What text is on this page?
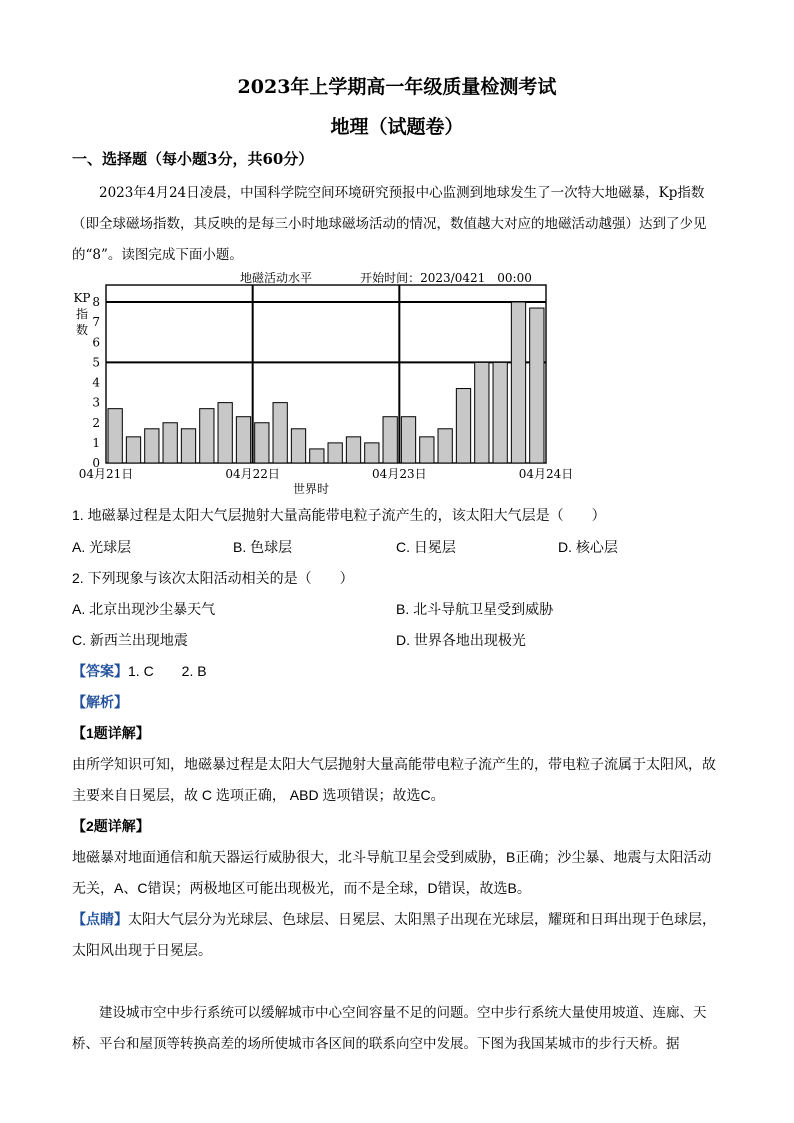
2023年上学期高一年级质量检测考试
地理（试题卷）
一、选择题（每小题3分，共60分）
2023年4月24日凌晨，中国科学院空间环境研究预报中心监测到地球发生了一次特大地磁暴，Kp指数（即全球磁场指数，其反映的是每三小时地球磁场活动的情况，数值越大对应的地磁活动越强）达到了少见的“8”。读图完成下面小题。
地磁活动水平	开始时间：2023/0421　00:00
KP
指
数
0
1
2
3
4
5
6
7
8
04月21日	04月22日	04月23日	04月24日
世界时
1. 地磁暴过程是太阳大气层抛射大量高能带电粒子流产生的，该太阳大气层是（　　）
A. 光球层	B. 色球层	C. 日冕层	D. 核心层
2. 下列现象与该次太阳活动相关的是（　　）
A. 北京出现沙尘暴天气	B. 北斗导航卫星受到威胁
C. 新西兰出现地震	D. 世界各地出现极光
【答案】1. C　　2. B
【解析】
【1题详解】
由所学知识可知，地磁暴过程是太阳大气层抛射大量高能带电粒子流产生的，带电粒子流属于太阳风，故主要来自日冕层，故 C 选项正确， ABD 选项错误；故选C。
【2题详解】
地磁暴对地面通信和航天器运行威胁很大，北斗导航卫星会受到威胁，B正确；沙尘暴、地震与太阳活动无关，A、C错误；两极地区可能出现极光，而不是全球，D错误，故选B。
【点睛】太阳大气层分为光球层、色球层、日冕层、太阳黑子出现在光球层，耀斑和日珥出现于色球层，太阳风出现于日冕层。
建设城市空中步行系统可以缓解城市中心空间容量不足的问题。空中步行系统大量使用坡道、连廊、天桥、平台和屋顶等转换高差的场所使城市各区间的联系向空中发展。下图为我国某城市的步行天桥。据
